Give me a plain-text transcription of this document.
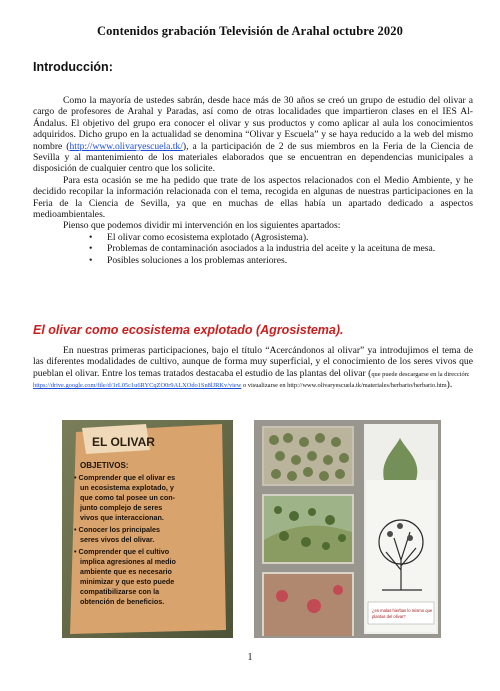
Contenidos grabación Televisión de Arahal octubre 2020
Introducción:

Como la mayoría de ustedes sabrán, desde hace más de 30 años se creó un grupo de estudio del olivar a cargo de profesores de Arahal y Paradas, así como de otras localidades que impartieron clases en el IES Al-Ándalus. El objetivo del grupo era conocer el olivar y sus productos y como aplicar al aula los conocimientos adquiridos. Dicho grupo en la actualidad se denomina “Olivar y Escuela” y se haya reducido a la web del mismo nombre (http://www.olivaryescuela.tk/), a la participación de 2 de sus miembros en la Feria de la Ciencia de Sevilla y al mantenimiento de los materiales elaborados que se encuentran en dependencias municipales a disposición de cualquier centro que los solicite.

Para esta ocasión se me ha pedido que trate de los aspectos relacionados con el Medio Ambiente, y he decidido recopilar la información relacionada con el tema, recogida en algunas de nuestras participaciones en la Feria de la Ciencia de Sevilla, ya que en muchas de ellas había un apartado dedicado a aspectos medioambientales.

Pienso que podemos dividir mi intervención en los siguientes apartados:

• El olivar como ecosistema explotado (Agrosistema).
• Problemas de contaminación asociados a la industria del aceite y la aceituna de mesa.
• Posibles soluciones a los problemas anteriores.
El olivar como ecosistema explotado (Agrosistema).

En nuestras primeras participaciones, bajo el título “Acercándonos al olivar” ya introdujimos el tema de las diferentes modalidades de cultivo, aunque de forma muy superficial, y el conocimiento de los seres vivos que pueblan el olivar. Entre los temas tratados destacaba el estudio de las plantas del olivar (que puede descargarse en la dirección:
https://drive.google.com/file/d/1rL05c1u6RYCqZO0r9ALXOdo1Sn8lJRKv/view o visualizarse en http://www.olivaryescuela.tk/materiales/herbario/herbario.htm).

EL OLIVAR
OBJETIVOS:
• Comprender que el olivar es
un ecosistema explotado, y
que como tal posee un con-
junto complejo de seres
vivos que interaccionan.
• Conocer los principales
seres vivos del olivar.
• Comprender que el cultivo
implica agresiones al medio
ambiente que es necesario
minimizar y que esto puede
compatibilizarse con la
obtención de beneficios.
¿es malas hierbas lo mismo que
plantas del olivar?
1
